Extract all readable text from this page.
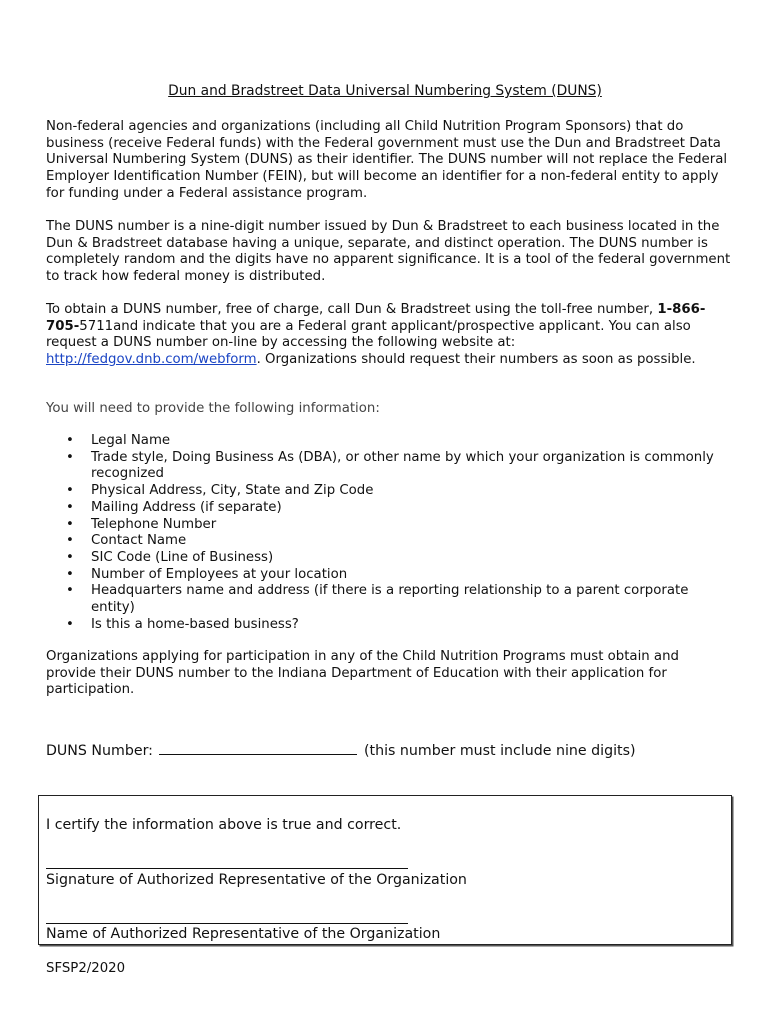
Dun and Bradstreet Data Universal Numbering System (DUNS)

Non-federal agencies and organizations (including all Child Nutrition Program Sponsors) that do business (receive Federal funds) with the Federal government must use the Dun and Bradstreet Data Universal Numbering System (DUNS) as their identifier. The DUNS number will not replace the Federal Employer Identification Number (FEIN), but will become an identifier for a non-federal entity to apply for funding under a Federal assistance program.

The DUNS number is a nine-digit number issued by Dun & Bradstreet to each business located in the Dun & Bradstreet database having a unique, separate, and distinct operation. The DUNS number is completely random and the digits have no apparent significance. It is a tool of the federal government to track how federal money is distributed.

To obtain a DUNS number, free of charge, call Dun & Bradstreet using the toll-free number, 1-866-705-5711and indicate that you are a Federal grant applicant/prospective applicant. You can also request a DUNS number on-line by accessing the following website at: http://fedgov.dnb.com/webform. Organizations should request their numbers as soon as possible.

You will need to provide the following information:

• Legal Name
• Trade style, Doing Business As (DBA), or other name by which your organization is commonly recognized
• Physical Address, City, State and Zip Code
• Mailing Address (if separate)
• Telephone Number
• Contact Name
• SIC Code (Line of Business)
• Number of Employees at your location
• Headquarters name and address (if there is a reporting relationship to a parent corporate entity)
• Is this a home-based business?

Organizations applying for participation in any of the Child Nutrition Programs must obtain and provide their DUNS number to the Indiana Department of Education with their application for participation.

DUNS Number:	(this number must include nine digits)
I certify the information above is true and correct.
Signature of Authorized Representative of the Organization
Name of Authorized Representative of the Organization
SFSP2/2020
